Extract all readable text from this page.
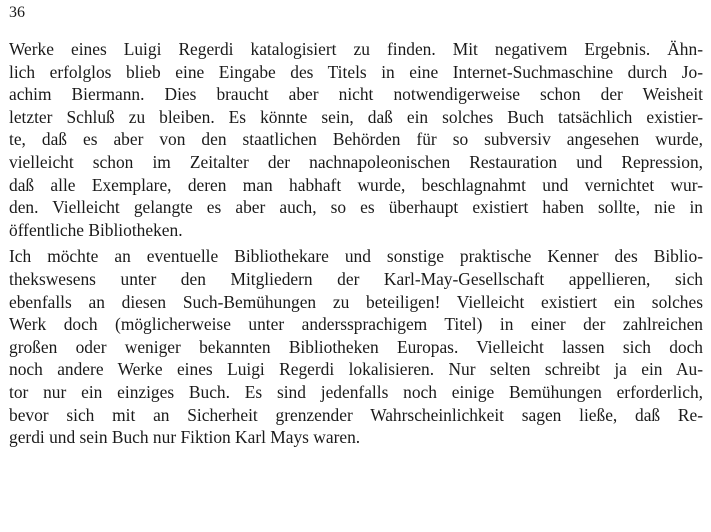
36
Werke eines Luigi Regerdi katalogisiert zu finden. Mit negativem Ergebnis. Ähn-
lich erfolglos blieb eine Eingabe des Titels in eine Internet-Suchmaschine durch Jo-
achim Biermann. Dies braucht aber nicht notwendigerweise schon der Weisheit
letzter Schluß zu bleiben. Es könnte sein, daß ein solches Buch tatsächlich existier-
te, daß es aber von den staatlichen Behörden für so subversiv angesehen wurde,
vielleicht schon im Zeitalter der nachnapoleonischen Restauration und Repression,
daß alle Exemplare, deren man habhaft wurde, beschlagnahmt und vernichtet wur-
den. Vielleicht gelangte es aber auch, so es überhaupt existiert haben sollte, nie in
öffentliche Bibliotheken.
Ich möchte an eventuelle Bibliothekare und sonstige praktische Kenner des Biblio-
thekswesens unter den Mitgliedern der Karl-May-Gesellschaft appellieren, sich
ebenfalls an diesen Such-Bemühungen zu beteiligen! Vielleicht existiert ein solches
Werk doch (möglicherweise unter anderssprachigem Titel) in einer der zahlreichen
großen oder weniger bekannten Bibliotheken Europas. Vielleicht lassen sich doch
noch andere Werke eines Luigi Regerdi lokalisieren. Nur selten schreibt ja ein Au-
tor nur ein einziges Buch. Es sind jedenfalls noch einige Bemühungen erforderlich,
bevor sich mit an Sicherheit grenzender Wahrscheinlichkeit sagen ließe, daß Re-
gerdi und sein Buch nur Fiktion Karl Mays waren.
